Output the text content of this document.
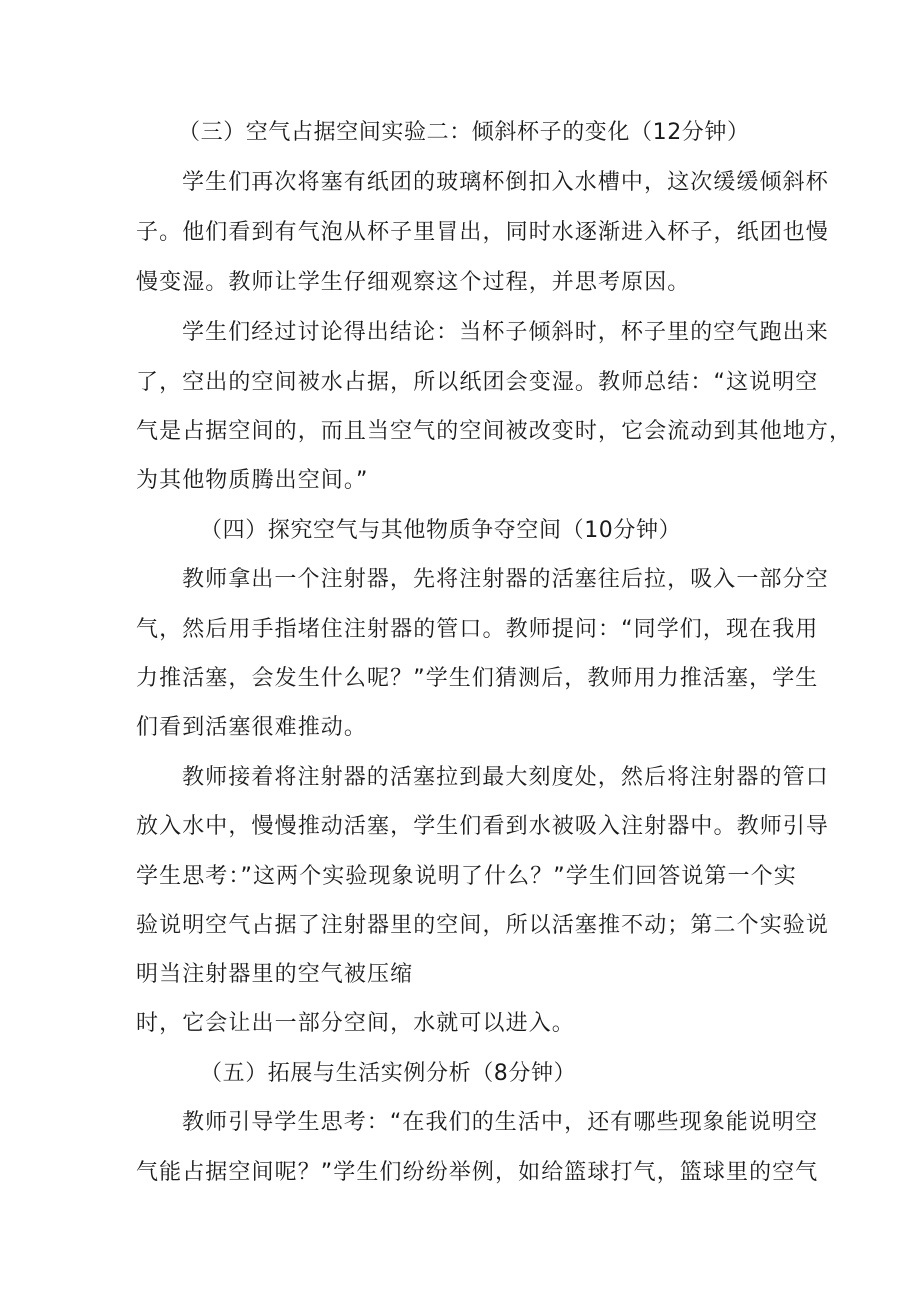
（三）空气占据空间实验二：倾斜杯子的变化（12分钟）
学生们再次将塞有纸团的玻璃杯倒扣入水槽中，这次缓缓倾斜杯
子。他们看到有气泡从杯子里冒出，同时水逐渐进入杯子，纸团也慢
慢变湿。教师让学生仔细观察这个过程，并思考原因。
学生们经过讨论得出结论：当杯子倾斜时，杯子里的空气跑出来
了，空出的空间被水占据，所以纸团会变湿。教师总结：“这说明空
气是占据空间的，而且当空气的空间被改变时，它会流动到其他地方，
为其他物质腾出空间。”
（四）探究空气与其他物质争夺空间（10分钟）
教师拿出一个注射器，先将注射器的活塞往后拉，吸入一部分空
气，然后用手指堵住注射器的管口。教师提问：“同学们，现在我用
力推活塞，会发生什么呢？”学生们猜测后，教师用力推活塞，学生
们看到活塞很难推动。
教师接着将注射器的活塞拉到最大刻度处，然后将注射器的管口
放入水中，慢慢推动活塞，学生们看到水被吸入注射器中。教师引导
学生思考：”这两个实验现象说明了什么？”学生们回答说第一个实
验说明空气占据了注射器里的空间，所以活塞推不动；第二个实验说
明当注射器里的空气被压缩
时，它会让出一部分空间，水就可以进入。
（五）拓展与生活实例分析（8分钟）
教师引导学生思考：“在我们的生活中，还有哪些现象能说明空
气能占据空间呢？”学生们纷纷举例，如给篮球打气，篮球里的空气
